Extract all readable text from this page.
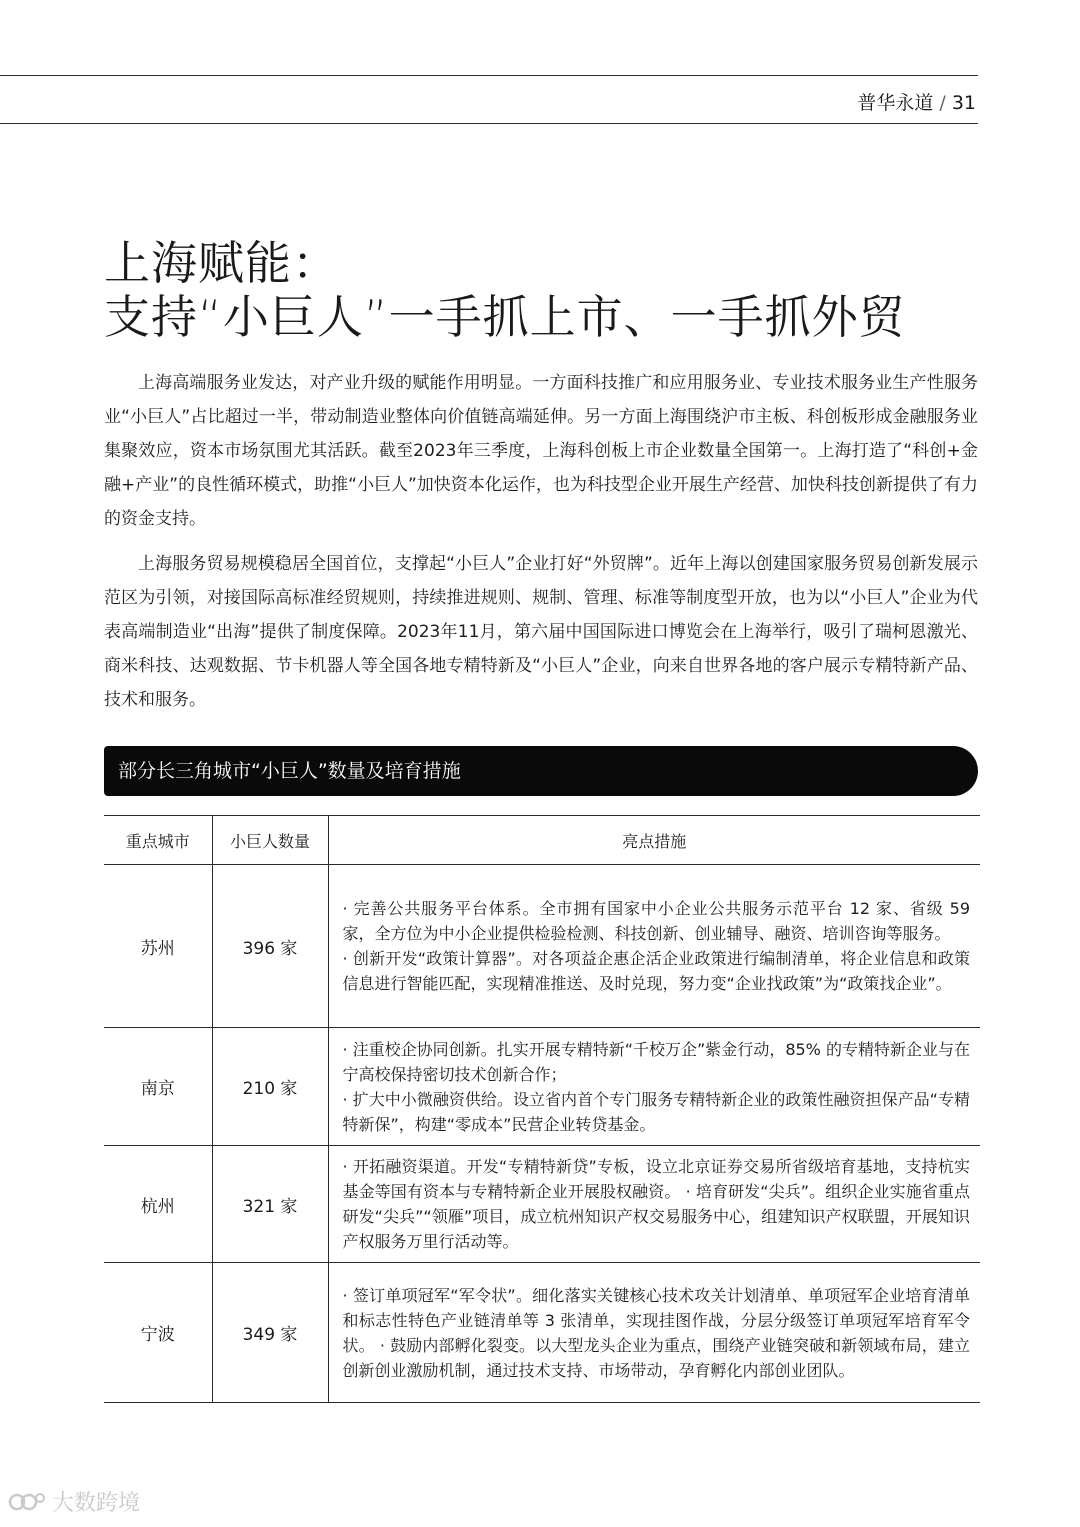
普华永道 / 31
上海赋能：
支持“小巨人”一手抓上市、一手抓外贸
上海高端服务业发达，对产业升级的赋能作用明显。一方面科技推广和应用服务业、专业技术服务业生产性服务业“小巨人”占比超过一半，带动制造业整体向价值链高端延伸。另一方面上海围绕沪市主板、科创板形成金融服务业集聚效应，资本市场氛围尤其活跃。截至2023年三季度，上海科创板上市企业数量全国第一。上海打造了“科创+金融+产业”的良性循环模式，助推“小巨人”加快资本化运作，也为科技型企业开展生产经营、加快科技创新提供了有力的资金支持。
上海服务贸易规模稳居全国首位，支撑起“小巨人”企业打好“外贸牌”。近年上海以创建国家服务贸易创新发展示范区为引领，对接国际高标准经贸规则，持续推进规则、规制、管理、标准等制度型开放，也为以“小巨人”企业为代表高端制造业“出海”提供了制度保障。2023年11月，第六届中国国际进口博览会在上海举行，吸引了瑞柯恩激光、商米科技、达观数据、节卡机器人等全国各地专精特新及“小巨人”企业，向来自世界各地的客户展示专精特新产品、技术和服务。
部分长三角城市“小巨人”数量及培育措施
重点城市	小巨人数量	亮点措施
苏州	396 家	· 完善公共服务平台体系。全市拥有国家中小企业公共服务示范平台 12 家、省级 59 家，全方位为中小企业提供检验检测、科技创新、创业辅导、融资、培训咨询等服务。
· 创新开发“政策计算器”。对各项益企惠企活企业政策进行编制清单，将企业信息和政策信息进行智能匹配，实现精准推送、及时兑现，努力变“企业找政策”为“政策找企业”。

南京	210 家	· 注重校企协同创新。扎实开展专精特新“千校万企”紫金行动，85% 的专精特新企业与在宁高校保持密切技术创新合作；
· 扩大中小微融资供给。设立省内首个专门服务专精特新企业的政策性融资担保产品“专精特新保”，构建“零成本”民营企业转贷基金。

杭州	321 家	· 开拓融资渠道。开发“专精特新贷”专板，设立北京证券交易所省级培育基地，支持杭实基金等国有资本与专精特新企业开展股权融资。 · 培育研发“尖兵”。组织企业实施省重点研发“尖兵”“领雁”项目，成立杭州知识产权交易服务中心，组建知识产权联盟，开展知识产权服务万里行活动等。
宁波	349 家	· 签订单项冠军“军令状”。细化落实关键核心技术攻关计划清单、单项冠军企业培育清单和标志性特色产业链清单等 3 张清单，实现挂图作战，分层分级签订单项冠军培育军令状。 · 鼓励内部孵化裂变。以大型龙头企业为重点，围绕产业链突破和新领域布局，建立创新创业激励机制，通过技术支持、市场带动，孕育孵化内部创业团队。
大数跨境
